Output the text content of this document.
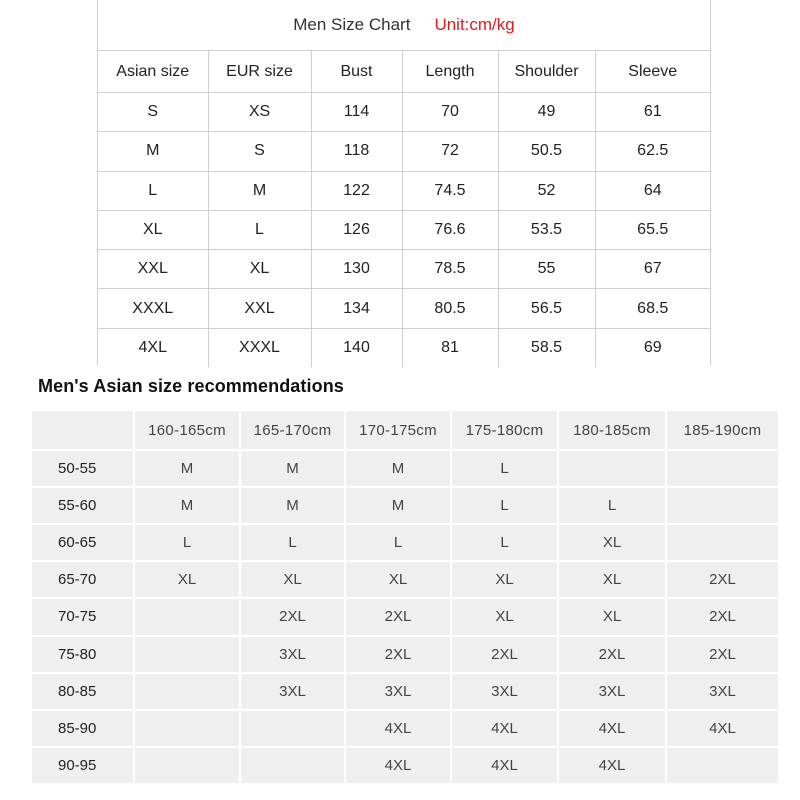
Men Size Chart Unit:cm/kg
Asian size	EUR size	Bust	Length	Shoulder	Sleeve
S	XS	114	70	49	61
M	S	118	72	50.5	62.5
L	M	122	74.5	52	64
XL	L	126	76.6	53.5	65.5
XXL	XL	130	78.5	55	67
XXXL	XXL	134	80.5	56.5	68.5
4XL	XXXL	140	81	58.5	69
Men's Asian size recommendations
	160-165cm	165-170cm	170-175cm	175-180cm	180-185cm	185-190cm
50-55	M	M	M	L		
55-60	M	M	M	L	L	
60-65	L	L	L	L	XL	
65-70	XL	XL	XL	XL	XL	2XL
70-75		2XL	2XL	XL	XL	2XL
75-80		3XL	2XL	2XL	2XL	2XL
80-85		3XL	3XL	3XL	3XL	3XL
85-90			4XL	4XL	4XL	4XL
90-95			4XL	4XL	4XL	
